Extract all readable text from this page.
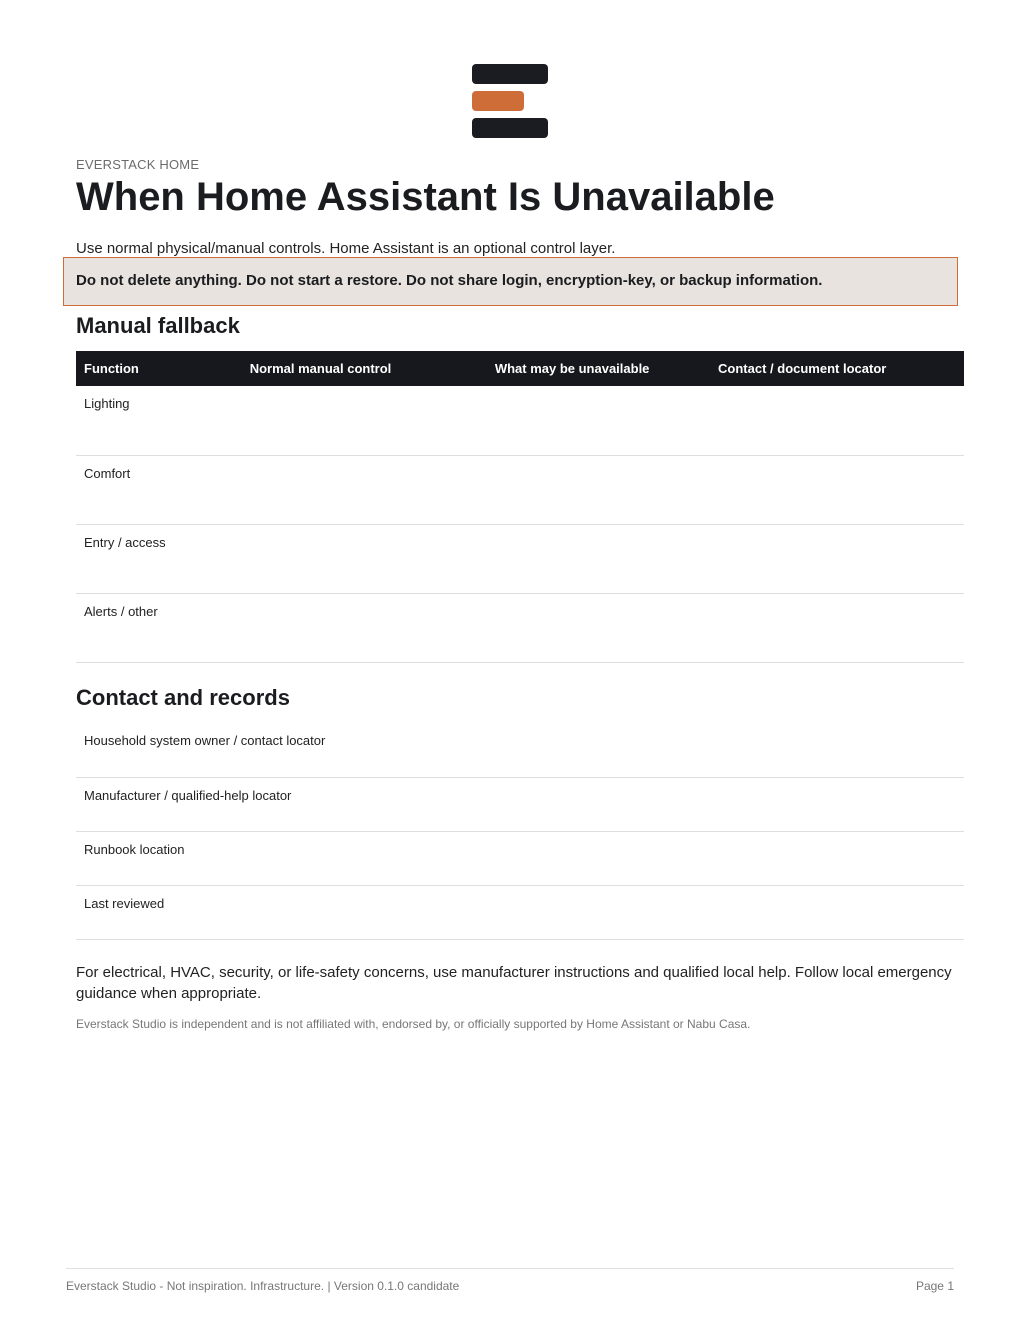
EVERSTACK HOME
When Home Assistant Is Unavailable

Use normal physical/manual controls. Home Assistant is an optional control layer.

Do not delete anything. Do not start a restore. Do not share login, encryption-key, or backup information.
Manual fallback
Function	Normal manual control	What may be unavailable	Contact / document locator
Lighting			
Comfort			
Entry / access			
Alerts / other			
Contact and records
Household system owner / contact locator
Manufacturer / qualified-help locator
Runbook location
Last reviewed

For electrical, HVAC, security, or life-safety concerns, use manufacturer instructions and qualified local help. Follow local emergency guidance when appropriate.

Everstack Studio is independent and is not affiliated with, endorsed by, or officially supported by Home Assistant or Nabu Casa.

Everstack Studio - Not inspiration. Infrastructure. | Version 0.1.0 candidate	Page 1
